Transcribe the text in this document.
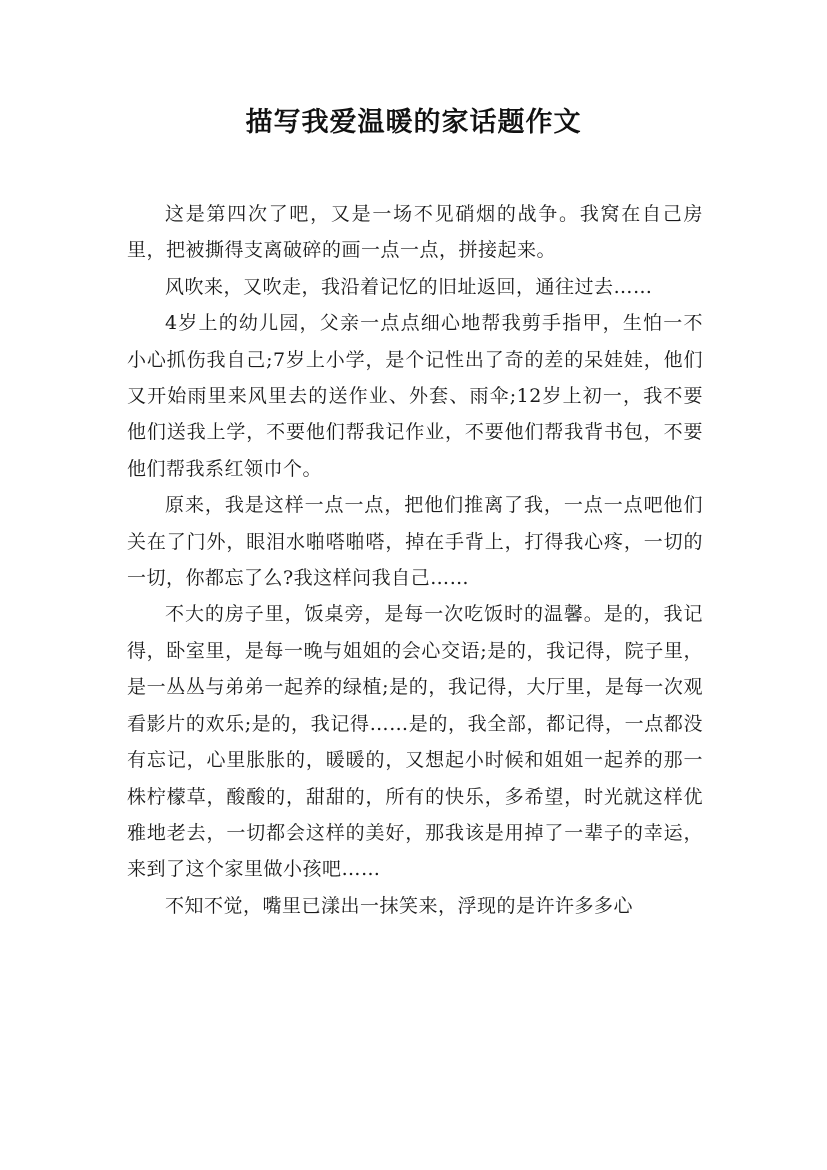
描写我爱温暖的家话题作文

这是第四次了吧，又是一场不见硝烟的战争。我窝在自己房里，把被撕得支离破碎的画一点一点，拼接起来。

风吹来，又吹走，我沿着记忆的旧址返回，通往过去……

4岁上的幼儿园，父亲一点点细心地帮我剪手指甲，生怕一不小心抓伤我自己;7岁上小学，是个记性出了奇的差的呆娃娃，他们又开始雨里来风里去的送作业、外套、雨伞;12岁上初一，我不要他们送我上学，不要他们帮我记作业，不要他们帮我背书包，不要他们帮我系红领巾个。

原来，我是这样一点一点，把他们推离了我，一点一点吧他们关在了门外，眼泪水啪嗒啪嗒，掉在手背上，打得我心疼，一切的一切，你都忘了么?我这样问我自己……

不大的房子里，饭桌旁，是每一次吃饭时的温馨。是的，我记得，卧室里，是每一晚与姐姐的会心交语;是的，我记得，院子里，是一丛丛与弟弟一起养的绿植;是的，我记得，大厅里，是每一次观看影片的欢乐;是的，我记得……是的，我全部，都记得，一点都没有忘记，心里胀胀的，暖暖的，又想起小时候和姐姐一起养的那一株柠檬草，酸酸的，甜甜的，所有的快乐，多希望，时光就这样优雅地老去，一切都会这样的美好，那我该是用掉了一辈子的幸运，来到了这个家里做小孩吧……

不知不觉，嘴里已漾出一抹笑来，浮现的是许许多多心
